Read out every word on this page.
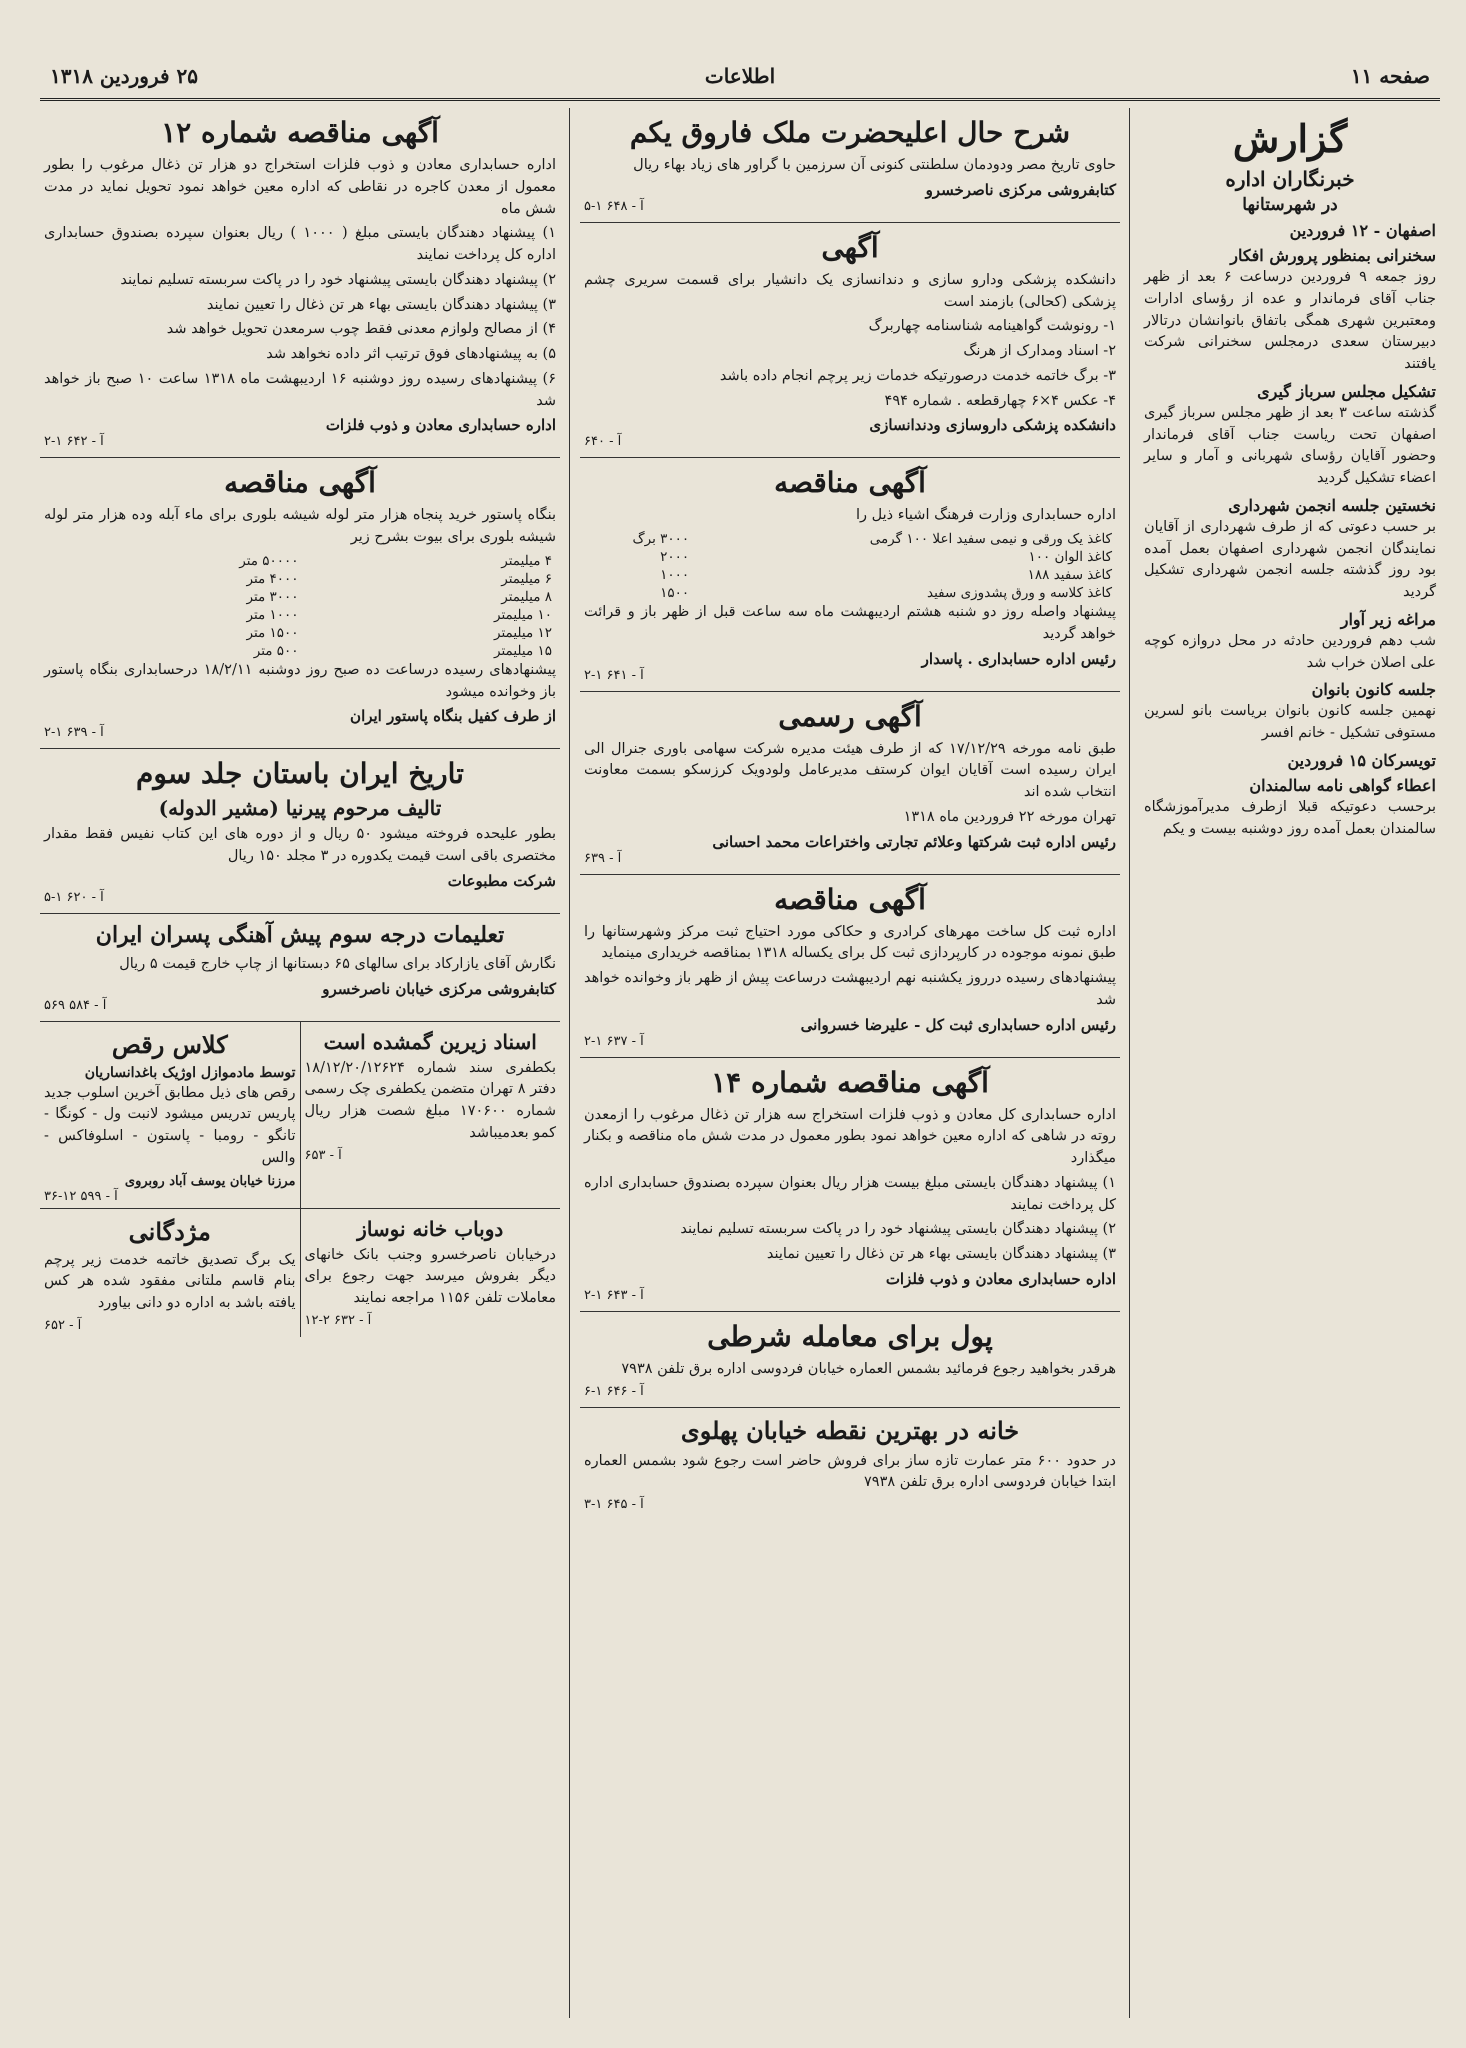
صفحه ۱۱
اطلاعات
۲۵ فروردین ۱۳۱۸
گزارش
خبرنگاران اداره
در شهرستانها
اصفهان - ۱۲ فروردین
سخنرانی بمنظور پرورش افکار

روز جمعه ۹ فروردین درساعت ۶ بعد از ظهر جناب آقای فرماندار و عده از رؤسای ادارات ومعتبرین شهری همگی باتفاق بانوانشان درتالار دبیرستان سعدی درمجلس سخنرانی شرکت یافتند

تشکیل مجلس سرباز گیری

گذشته ساعت ۳ بعد از ظهر مجلس سرباز گیری اصفهان تحت ریاست جناب آقای فرماندار وحضور آقایان رؤسای شهربانی و آمار و سایر اعضاء تشکیل گردید

نخستین جلسه انجمن شهرداری

بر حسب دعوتی که از طرف شهرداری از آقایان نمایندگان انجمن شهرداری اصفهان بعمل آمده بود روز گذشته جلسه انجمن شهرداری تشکیل گردید

مراغه زیر آوار

شب دهم فروردین حادثه در محل دروازه کوچه علی اصلان خراب شد

جلسه کانون بانوان

نهمین جلسه کانون بانوان بریاست بانو لسرین مستوفی تشکیل - خانم افسر

تویسرکان ۱۵ فروردین
اعطاء گواهی نامه سالمندان

برحسب دعوتیکه قبلا ازطرف مدیرآموزشگاه سالمندان بعمل آمده روز دوشنبه بیست و یکم

شرح حال اعلیحضرت ملک فاروق یکم

حاوی تاریخ مصر ودودمان سلطنتی کنونی آن سرزمین با گراور های زیاد بهاء ریال

کتابفروشی مرکزی ناصرخسرو
آ - ۶۴۸ ۱-۵
آگهی

دانشکده پزشکی ودارو سازی و دندانسازی یک دانشیار برای قسمت سریری چشم پزشکی (کحالی) بازمند است

۱- رونوشت گواهینامه شناسنامه چهاربرگ

۲- اسناد ومدارک از هرنگ

۳- برگ خاتمه خدمت درصورتیکه خدمات زیر پرچم انجام داده باشد

۴- عکس ۴×۶ چهارقطعه . شماره ۴۹۴

دانشکده پزشکی داروسازی ودندانسازی
آ - ۶۴۰
آگهی مناقصه

اداره حسابداری وزارت فرهنگ اشیاء ذیل را

کاغذ یک ورقی و نیمی سفید اعلا ۱۰۰ گرمی	۳۰۰۰ برگ
کاغذ الوان ۱۰۰	۲۰۰۰
کاغذ سفید ۱۸۸	۱۰۰۰
کاغذ کلاسه و ورق پشدوزی سفید	۱۵۰۰

پیشنهاد واصله روز دو شنبه هشتم اردیبهشت ماه سه ساعت قبل از ظهر باز و قرائت خواهد گردید

رئیس اداره حسابداری . پاسدار
آ - ۶۴۱ ۱-۲
آگهی رسمی

طبق نامه مورخه ۱۷/۱۲/۲۹ که از طرف هیئت مدیره شرکت سهامی باوری جنرال الی ایران رسیده است آقایان ایوان کرستف مدیرعامل ولودویک کرزسکو بسمت معاونت انتخاب شده اند

تهران مورخه ۲۲ فروردین ماه ۱۳۱۸

رئیس اداره ثبت شرکتها وعلائم تجارتی واختراعات محمد احسانی
آ - ۶۳۹
آگهی مناقصه

اداره ثبت کل ساخت مهرهای کرادری و حکاکی مورد احتیاج ثبت مرکز وشهرستانها را طبق نمونه موجوده در کارپردازی ثبت کل برای یکساله ۱۳۱۸ بمناقصه خریداری مینماید

پیشنهادهای رسیده درروز یکشنبه نهم اردیبهشت درساعت پیش از ظهر باز وخوانده خواهد شد

رئیس اداره حسابداری ثبت کل - علیرضا خسروانی
آ - ۶۳۷ ۱-۲
آگهی مناقصه شماره ۱۴

اداره حسابداری کل معادن و ذوب فلزات استخراج سه هزار تن ذغال مرغوب را ازمعدن روته در شاهی که اداره معین خواهد نمود بطور معمول در مدت شش ماه مناقصه و بکنار میگذارد

۱) پیشنهاد دهندگان بایستی مبلغ بیست هزار ریال بعنوان سپرده بصندوق حسابداری اداره کل پرداخت نمایند

۲) پیشنهاد دهندگان بایستی پیشنهاد خود را در پاکت سربسته تسلیم نمایند

۳) پیشنهاد دهندگان بایستی بهاء هر تن ذغال را تعیین نمایند

اداره حسابداری معادن و ذوب فلزات
آ - ۶۴۳ ۱-۲
پول برای معامله شرطی

هرقدر بخواهید رجوع فرمائید بشمس العماره خیابان فردوسی اداره برق تلفن ۷۹۳۸

آ - ۶۴۶ ۱-۶
خانه در بهترین نقطه خیابان پهلوی

در حدود ۶۰۰ متر عمارت تازه ساز برای فروش حاضر است رجوع شود بشمس العماره ابتدا خیابان فردوسی اداره برق تلفن ۷۹۳۸

آ - ۶۴۵ ۱-۳
آگهی مناقصه شماره ۱۲

اداره حسابداری معادن و ذوب فلزات استخراج دو هزار تن ذغال مرغوب را بطور معمول از معدن کاجره در نقاطی که اداره معین خواهد نمود تحویل نماید در مدت شش ماه

۱) پیشنهاد دهندگان بایستی مبلغ ( ۱۰۰۰ ) ریال بعنوان سپرده بصندوق حسابداری اداره کل پرداخت نمایند

۲) پیشنهاد دهندگان بایستی پیشنهاد خود را در پاکت سربسته تسلیم نمایند

۳) پیشنهاد دهندگان بایستی بهاء هر تن ذغال را تعیین نمایند

۴) از مصالح ولوازم معدنی فقط چوب سرمعدن تحویل خواهد شد

۵) به پیشنهادهای فوق ترتیب اثر داده نخواهد شد

۶) پیشنهادهای رسیده روز دوشنبه ۱۶ اردیبهشت ماه ۱۳۱۸ ساعت ۱۰ صبح باز خواهد شد

اداره حسابداری معادن و ذوب فلزات
آ - ۶۴۲ ۱-۲
آگهی مناقصه

بنگاه پاستور خرید پنجاه هزار متر لوله شیشه بلوری برای ماء آبله وده هزار متر لوله شیشه بلوری برای بیوت بشرح زیر

۴ میلیمتر	۵۰۰۰۰ متر
۶ میلیمتر	۴۰۰۰ متر
۸ میلیمتر	۳۰۰۰ متر
۱۰ میلیمتر	۱۰۰۰ متر
۱۲ میلیمتر	۱۵۰۰ متر
۱۵ میلیمتر	۵۰۰ متر

پیشنهادهای رسیده درساعت ده صبح روز دوشنبه ۱۸/۲/۱۱ درحسابداری بنگاه پاستور باز وخوانده میشود

از طرف کفیل بنگاه پاستور ایران
آ - ۶۳۹ ۱-۲
تاریخ ایران باستان جلد سوم
تالیف مرحوم پیرنیا (مشیر الدوله)

بطور علیحده فروخته میشود ۵۰ ریال و از دوره های این کتاب نفیس فقط مقدار مختصری باقی است قیمت یکدوره در ۳ مجلد ۱۵۰ ریال

شرکت مطبوعات
آ - ۶۲۰ ۱-۵
تعلیمات درجه سوم پیش آهنگی پسران ایران

نگارش آقای یازارکاد برای سالهای ۶۵ دبستانها از چاپ خارج قیمت ۵ ریال

کتابفروشی مرکزی خیابان ناصرخسرو
آ - ۵۸۴ ۵۶۹
اسناد زیرین گمشده است

بکطفری سند شماره ۱۸/۱۲/۲۰/۱۲۶۲۴ دفتر ۸ تهران متضمن یکطفری چک رسمی شماره ۱۷۰۶۰۰ مبلغ شصت هزار ریال کمو بعدمیباشد

آ - ۶۵۳
کلاس رقص
توسط مادموازل اوژیک باغدانساریان

رقص های ذیل مطابق آخرین اسلوب جدید پاریس تدریس میشود لانبت ول - کونگا - تانگو - رومبا - پاستون - اسلوفاکس - والس

مرزنا خیابان یوسف آباد روبروی
آ - ۵۹۹ ۱۲-۳۶
دوباب خانه نوساز

درخیابان ناصرخسرو وجنب بانک خانهای دیگر بفروش میرسد جهت رجوع برای معاملات تلفن ۱۱۵۶ مراجعه نمایند

آ - ۶۳۲ ۲-۱۲
مژدگانی

یک برگ تصدیق خاتمه خدمت زیر پرچم بنام قاسم ملتانی مفقود شده هر کس یافته باشد به اداره دو دانی بیاورد

آ - ۶۵۲
